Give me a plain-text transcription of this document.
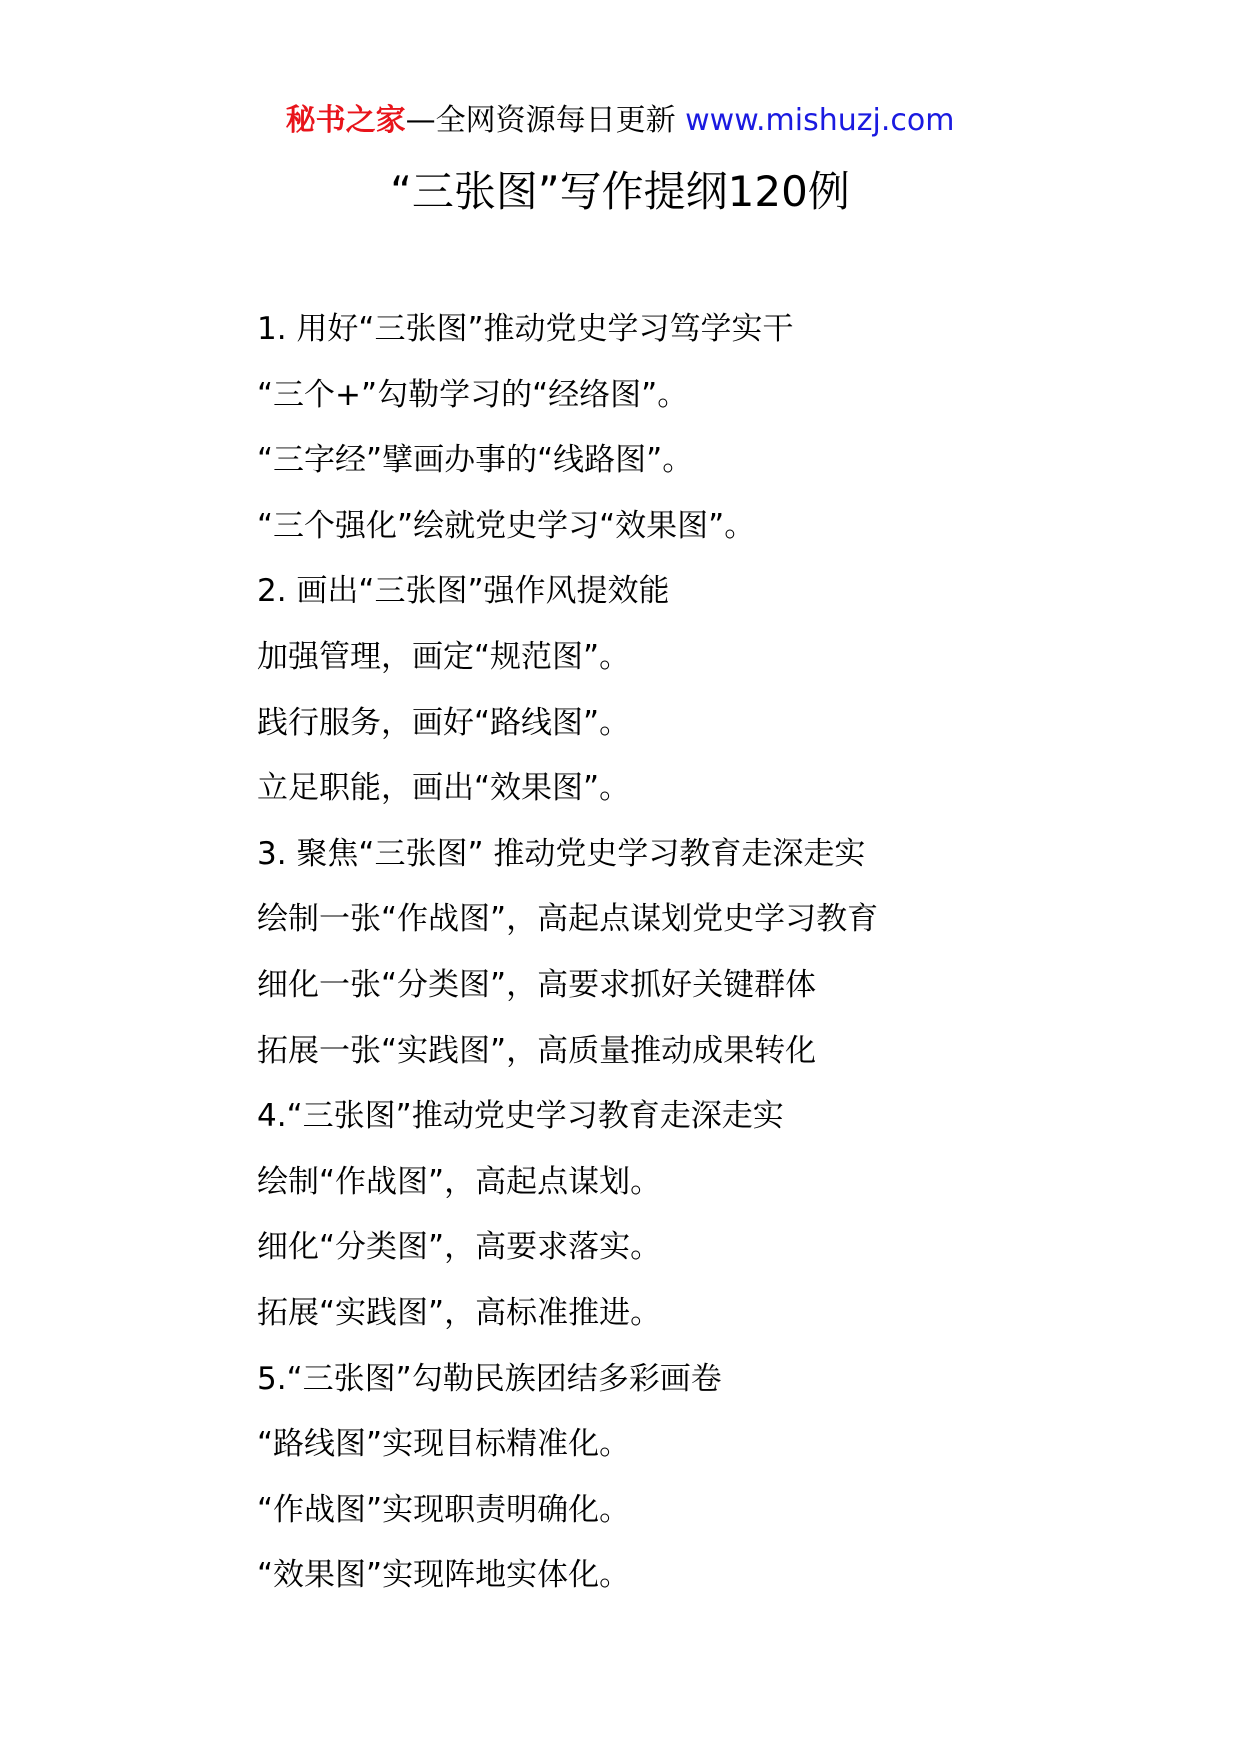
秘书之家—全网资源每日更新 www.mishuzj.com
“三张图”写作提纲120例
1. 用好“三张图”推动党史学习笃学实干
“三个+”勾勒学习的“经络图”。
“三字经”擘画办事的“线路图”。
“三个强化”绘就党史学习“效果图”。
2. 画出“三张图”强作风提效能
加强管理，画定“规范图”。
践行服务，画好“路线图”。
立足职能，画出“效果图”。
3. 聚焦“三张图” 推动党史学习教育走深走实
绘制一张“作战图”，高起点谋划党史学习教育
细化一张“分类图”，高要求抓好关键群体
拓展一张“实践图”，高质量推动成果转化
4.“三张图”推动党史学习教育走深走实
绘制“作战图”，高起点谋划。
细化“分类图”，高要求落实。
拓展“实践图”，高标准推进。
5.“三张图”勾勒民族团结多彩画卷
“路线图”实现目标精准化。
“作战图”实现职责明确化。
“效果图”实现阵地实体化。
